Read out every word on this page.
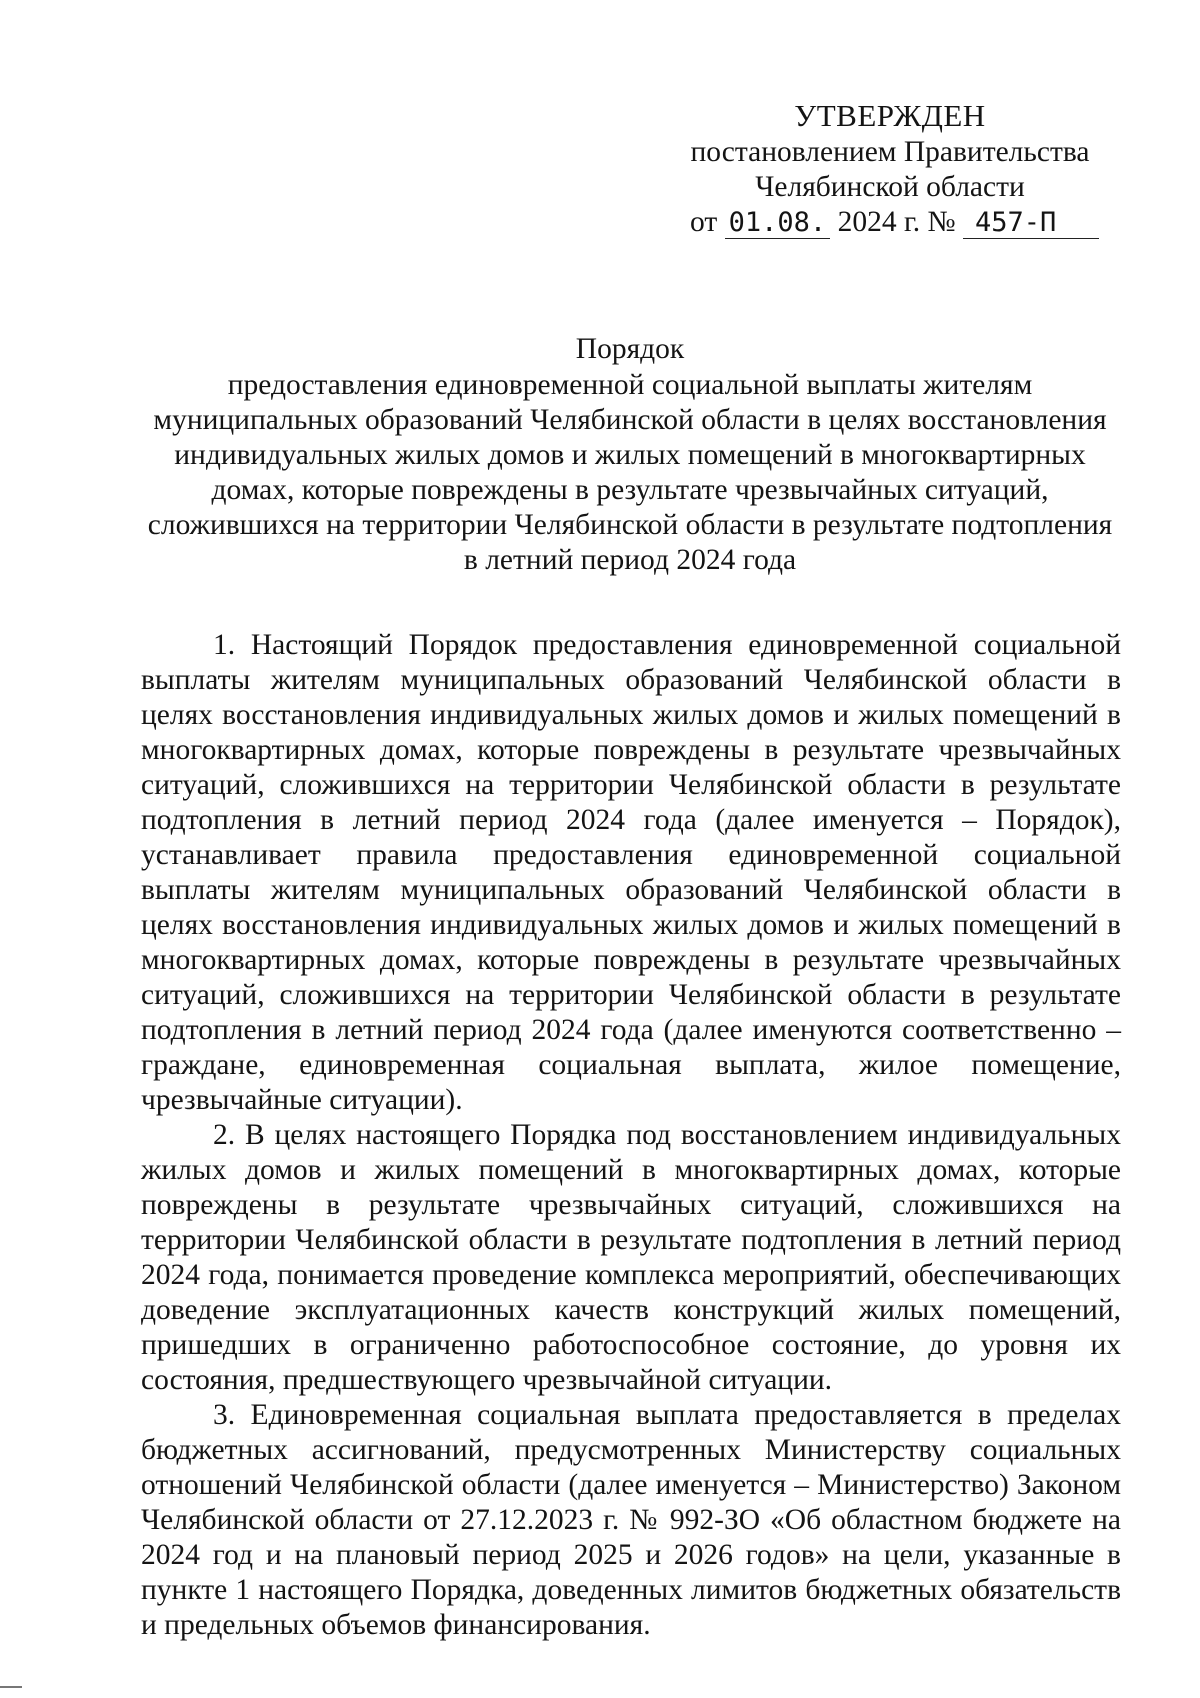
УТВЕРЖДЕН
постановлением Правительства
Челябинской области
от 01.08. 2024 г. № 457-П
Порядок
предоставления единовременной социальной выплаты жителям муниципальных образований Челябинской области в целях восстановления индивидуальных жилых домов и жилых помещений в многоквартирных домах, которые повреждены в результате чрезвычайных ситуаций, сложившихся на территории Челябинской области в результате подтопления в летний период 2024 года

1. Настоящий Порядок предоставления единовременной социальной выплаты жителям муниципальных образований Челябинской области в целях восстановления индивидуальных жилых домов и жилых помещений в многоквартирных домах, которые повреждены в результате чрезвычайных ситуаций, сложившихся на территории Челябинской области в результате подтопления в летний период 2024 года (далее именуется – Порядок), устанавливает правила предоставления единовременной социальной выплаты жителям муниципальных образований Челябинской области в целях восстановления индивидуальных жилых домов и жилых помещений в многоквартирных домах, которые повреждены в результате чрезвычайных ситуаций, сложившихся на территории Челябинской области в результате подтопления в летний период 2024 года (далее именуются соответственно – граждане, единовременная социальная выплата, жилое помещение, чрезвычайные ситуации).

2. В целях настоящего Порядка под восстановлением индивидуальных жилых домов и жилых помещений в многоквартирных домах, которые повреждены в результате чрезвычайных ситуаций, сложившихся на территории Челябинской области в результате подтопления в летний период 2024 года, понимается проведение комплекса мероприятий, обеспечивающих доведение эксплуатационных качеств конструкций жилых помещений, пришедших в ограниченно работоспособное состояние, до уровня их состояния, предшествующего чрезвычайной ситуации.

3. Единовременная социальная выплата предоставляется в пределах бюджетных ассигнований, предусмотренных Министерству социальных отношений Челябинской области (далее именуется – Министерство) Законом Челябинской области от 27.12.2023 г. № 992-ЗО «Об областном бюджете на 2024 год и на плановый период 2025 и 2026 годов» на цели, указанные в пункте 1 настоящего Порядка, доведенных лимитов бюджетных обязательств и предельных объемов финансирования.
